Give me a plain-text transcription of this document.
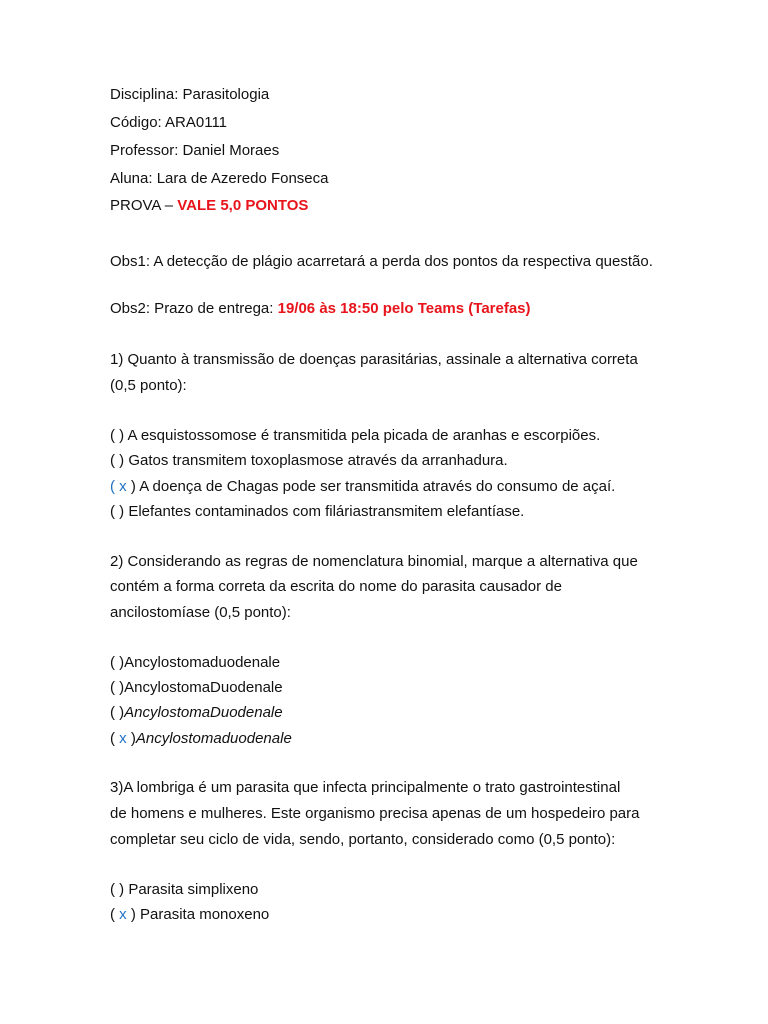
Disciplina: Parasitologia
Código: ARA0111
Professor: Daniel Moraes
Aluna: Lara de Azeredo Fonseca
PROVA – VALE 5,0 PONTOS
Obs1: A detecção de plágio acarretará a perda dos pontos da respectiva questão.
Obs2: Prazo de entrega: 19/06 às 18:50 pelo Teams (Tarefas)
1) Quanto à transmissão de doenças parasitárias, assinale a alternativa correta
(0,5 ponto):
( ) A esquistossomose é transmitida pela picada de aranhas e escorpiões.
( ) Gatos transmitem toxoplasmose através da arranhadura.
( x ) A doença de Chagas pode ser transmitida através do consumo de açaí.
( ) Elefantes contaminados com filáriastransmitem elefantíase.
2) Considerando as regras de nomenclatura binomial, marque a alternativa que
contém a forma correta da escrita do nome do parasita causador de
ancilostomíase (0,5 ponto):
( )Ancylostomaduodenale
( )AncylostomaDuodenale
( )AncylostomaDuodenale
( x )Ancylostomaduodenale
3)A lombriga é um parasita que infecta principalmente o trato gastrointestinal
de homens e mulheres. Este organismo precisa apenas de um hospedeiro para
completar seu ciclo de vida, sendo, portanto, considerado como (0,5 ponto):
( ) Parasita simplixeno
( x ) Parasita monoxeno
